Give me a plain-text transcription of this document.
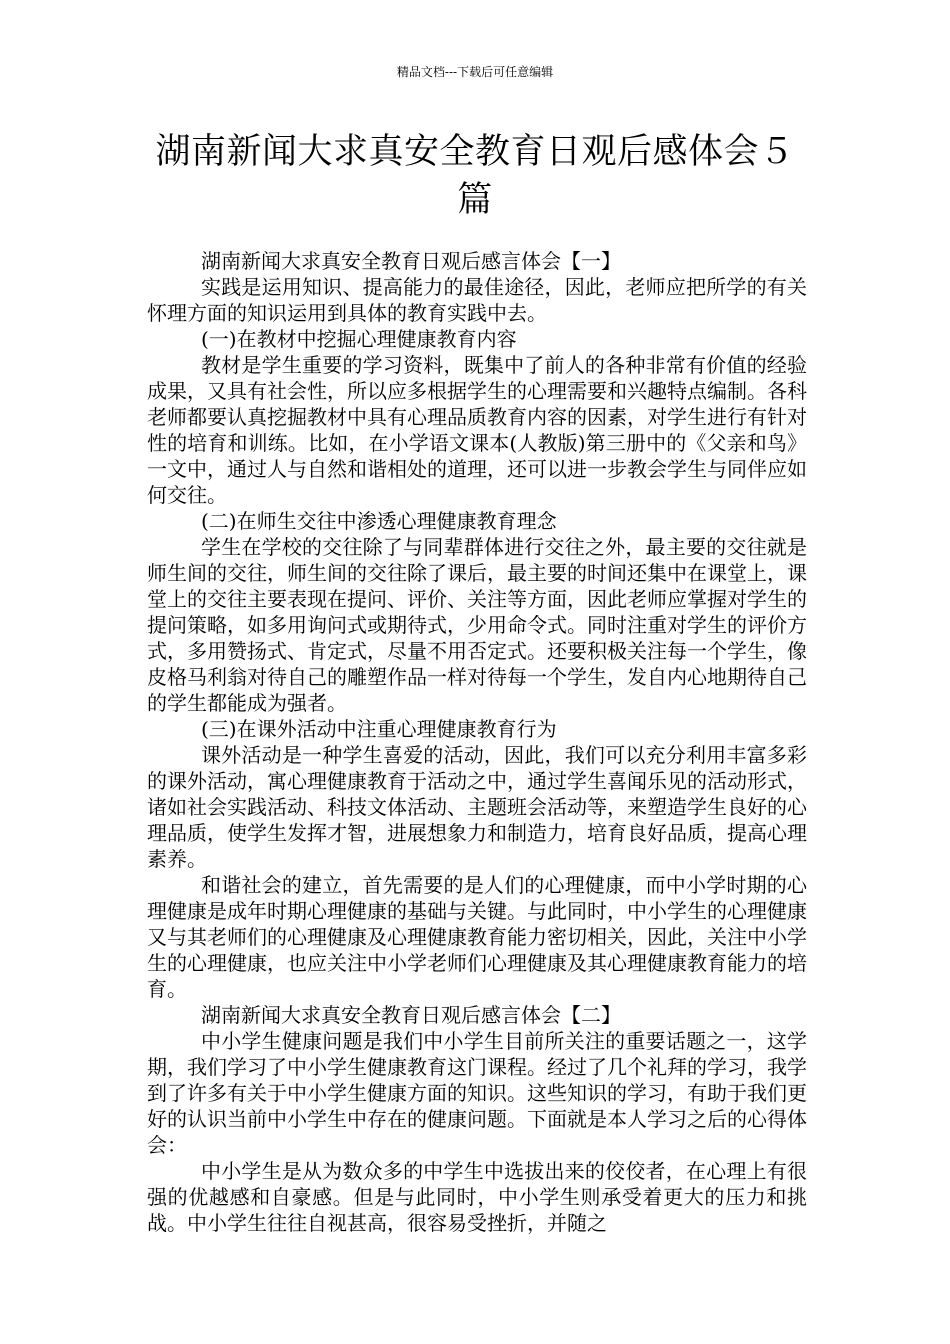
精品文档---下载后可任意编辑
湖南新闻大求真安全教育日观后感体会５篇

湖南新闻大求真安全教育日观后感言体会【一】

实践是运用知识、提高能力的最佳途径，因此，老师应把所学的有关怀理方面的知识运用到具体的教育实践中去。

(一)在教材中挖掘心理健康教育内容

教材是学生重要的学习资料，既集中了前人的各种非常有价值的经验成果，又具有社会性，所以应多根据学生的心理需要和兴趣特点编制。各科老师都要认真挖掘教材中具有心理品质教育内容的因素，对学生进行有针对性的培育和训练。比如，在小学语文课本(人教版)第三册中的《父亲和鸟》一文中，通过人与自然和谐相处的道理，还可以进一步教会学生与同伴应如何交往。

(二)在师生交往中渗透心理健康教育理念

学生在学校的交往除了与同辈群体进行交往之外，最主要的交往就是师生间的交往，师生间的交往除了课后，最主要的时间还集中在课堂上，课堂上的交往主要表现在提问、评价、关注等方面，因此老师应掌握对学生的提问策略，如多用询问式或期待式，少用命令式。同时注重对学生的评价方式，多用赞扬式、肯定式，尽量不用否定式。还要积极关注每一个学生，像皮格马利翁对待自己的雕塑作品一样对待每一个学生，发自内心地期待自己的学生都能成为强者。

(三)在课外活动中注重心理健康教育行为

课外活动是一种学生喜爱的活动，因此，我们可以充分利用丰富多彩的课外活动，寓心理健康教育于活动之中，通过学生喜闻乐见的活动形式，诸如社会实践活动、科技文体活动、主题班会活动等，来塑造学生良好的心理品质，使学生发挥才智，进展想象力和制造力，培育良好品质，提高心理素养。

和谐社会的建立，首先需要的是人们的心理健康，而中小学时期的心理健康是成年时期心理健康的基础与关键。与此同时，中小学生的心理健康又与其老师们的心理健康及心理健康教育能力密切相关，因此，关注中小学生的心理健康，也应关注中小学老师们心理健康及其心理健康教育能力的培育。

湖南新闻大求真安全教育日观后感言体会【二】

中小学生健康问题是我们中小学生目前所关注的重要话题之一，这学期，我们学习了中小学生健康教育这门课程。经过了几个礼拜的学习，我学到了许多有关于中小学生健康方面的知识。这些知识的学习，有助于我们更好的认识当前中小学生中存在的健康问题。下面就是本人学习之后的心得体会：

中小学生是从为数众多的中学生中选拔出来的佼佼者，在心理上有很强的优越感和自豪感。但是与此同时，中小学生则承受着更大的压力和挑战。中小学生往往自视甚高，很容易受挫折，并随之
